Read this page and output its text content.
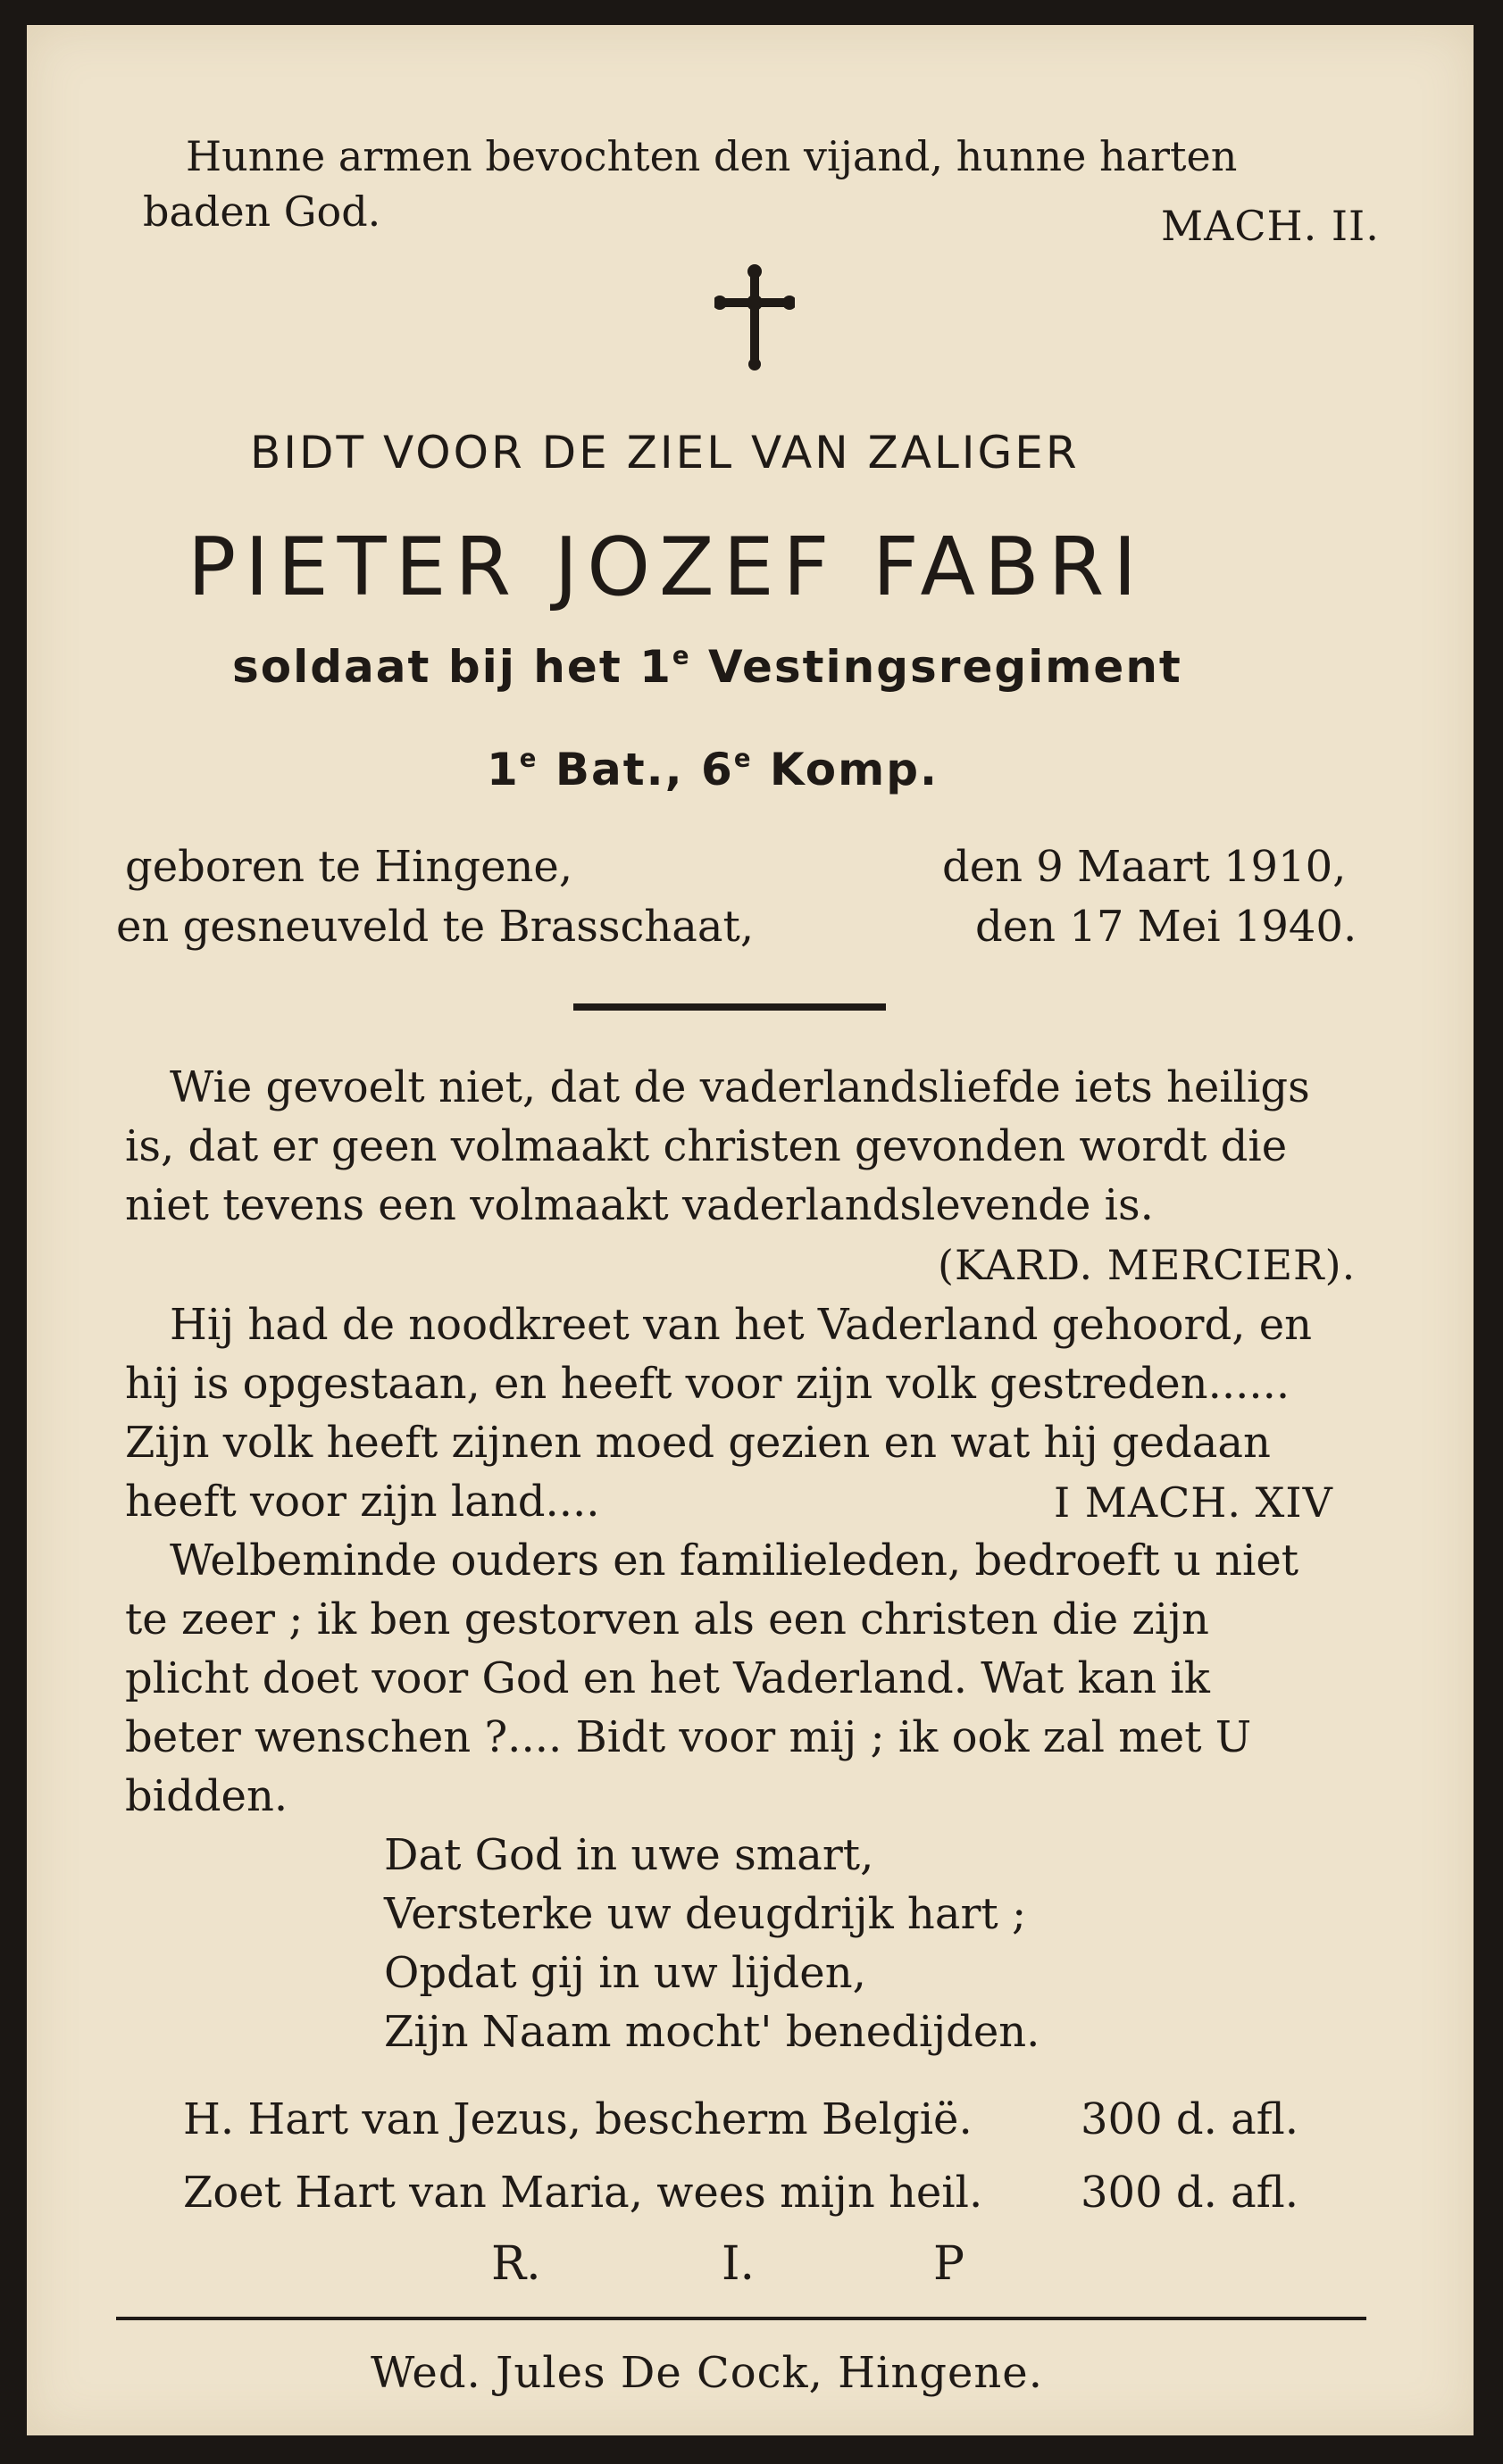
Hunne armen bevochten den vijand, hunne harten
baden God.	MACH. II.
BIDT VOOR DE ZIEL VAN ZALIGER
PIETER JOZEF FABRI
soldaat bij het 1e Vestingsregiment
1e Bat., 6e Komp.
geboren te Hingene,	den 9 Maart 1910,
en gesneuveld te Brasschaat,	den 17 Mei 1940.
Wie gevoelt niet, dat de vaderlandsliefde iets heiligs
is, dat er geen volmaakt christen gevonden wordt die
niet tevens een volmaakt vaderlandslevende is.
(KARD. MERCIER).
Hij had de noodkreet van het Vaderland gehoord, en
hij is opgestaan, en heeft voor zijn volk gestreden......
Zijn volk heeft zijnen moed gezien en wat hij gedaan
heeft voor zijn land....	I MACH. XIV
Welbeminde ouders en familieleden, bedroeft u niet
te zeer ; ik ben gestorven als een christen die zijn
plicht doet voor God en het Vaderland. Wat kan ik
beter wenschen ?.... Bidt voor mij ; ik ook zal met U
bidden.
Dat God in uwe smart,
Versterke uw deugdrijk hart ;
Opdat gij in uw lijden,
Zijn Naam mocht' benedijden.
H. Hart van Jezus, bescherm België.	300 d. afl.
Zoet Hart van Maria, wees mijn heil. 300 d. afl.
R.	I.	P
Wed. Jules De Cock, Hingene.
